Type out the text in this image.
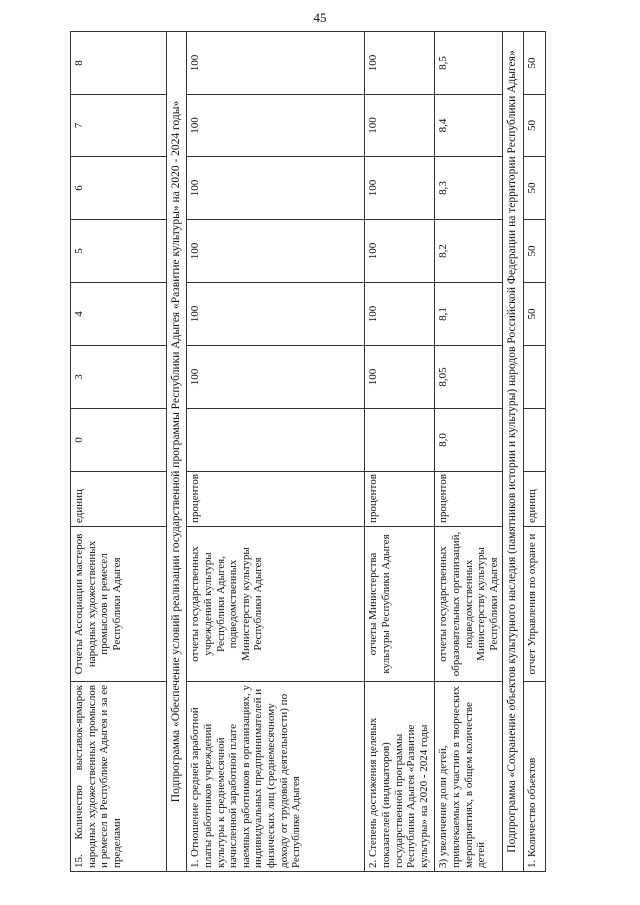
45
15. Количество выставок-ярмарок народных художественных промыслов и ремесел в Республике Адыгея и за ее пределами	Отчеты Ассоциации мастеров народных художественных промыслов и ремесел Республики Адыгея	единиц	0	3	4	5	6	7	8
Подпрограмма «Обеспечение условий реализации государственной программы Республики Адыгея «Развитие культуры» на 2020 - 2024 годы»									
1. Отношение средней заработной платы работников учреждений культуры к среднемесячной начисленной заработной плате наемных работников в организациях, у индивидуальных предпринимателей и физических лиц (среднемесячному доходу от трудовой деятельности) по Республике Адыгея	отчеты государственных учреждений культуры Республики Адыгея, подведомственных Министерству культуры Республики Адыгея	процентов		100	100	100	100	100	100
2. Степень достижения целевых показателей (индикаторов) государственной программы Республики Адыгея «Развитие культуры» на 2020 - 2024 годы	отчеты Министерства культуры Республики Адыгея	процентов		100	100	100	100	100	100
3) увеличение доли детей, привлекаемых к участию в творческих мероприятиях, в общем количестве детей	отчеты государственных образовательных организаций, подведомственных Министерству культуры Республики Адыгея	процентов	8,0	8,05	8,1	8,2	8,3	8,4	8,5
Подпрограмма «Сохранение объектов культурного наследия (памятников истории и культуры) народов Российской Федерации на территории Республики Адыгея»									
1. Количество объектов	отчет Управления по охране и	единиц			50	50	50	50	50
